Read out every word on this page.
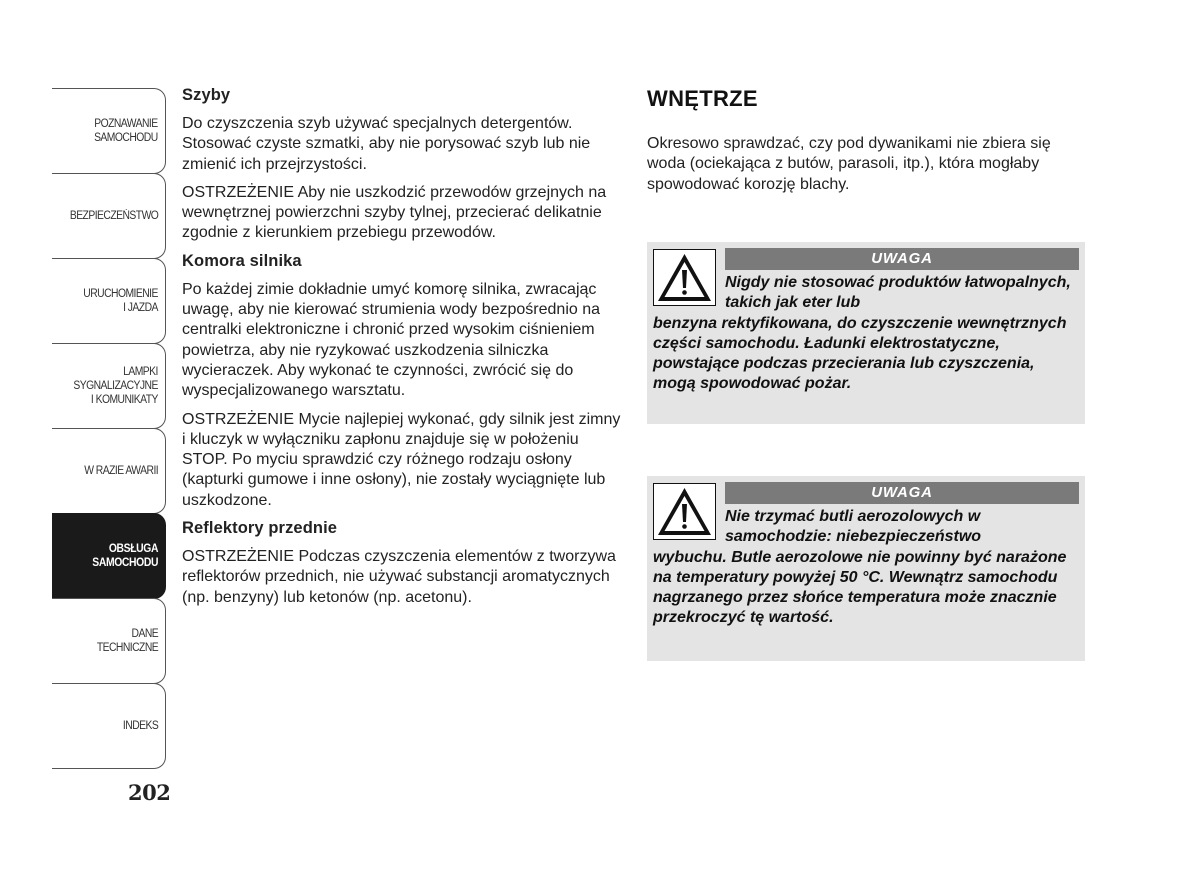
POZNAWANIE
SAMOCHODU
BEZPIECZEŃSTWO
URUCHOMIENIE
I JAZDA
LAMPKI
SYGNALIZACYJNE
I KOMUNIKATY
W RAZIE AWARII
OBSŁUGA
SAMOCHODU
DANE
TECHNICZNE
INDEKS
202
Szyby

Do czyszczenia szyb używać specjalnych detergentów. Stosować czyste szmatki, aby nie porysować szyb lub nie zmienić ich przejrzystości.

OSTRZEŻENIE Aby nie uszkodzić przewodów grzejnych na wewnętrznej powierzchni szyby tylnej, przecierać delikatnie zgodnie z kierunkiem przebiegu przewodów.

Komora silnika

Po każdej zimie dokładnie umyć komorę silnika, zwracając uwagę, aby nie kierować strumienia wody bezpośrednio na centralki elektroniczne i chronić przed wysokim ciśnieniem powietrza, aby nie ryzykować uszkodzenia silniczka wycieraczek. Aby wykonać te czynności, zwrócić się do wyspecjalizowanego warsztatu.

OSTRZEŻENIE Mycie najlepiej wykonać, gdy silnik jest zimny i kluczyk w wyłączniku zapłonu znajduje się w położeniu STOP. Po myciu sprawdzić czy różnego rodzaju osłony (kapturki gumowe i inne osłony), nie zostały wyciągnięte lub uszkodzone.

Reflektory przednie

OSTRZEŻENIE Podczas czyszczenia elementów z tworzywa reflektorów przednich, nie używać substancji aromatycznych (np. benzyny) lub ketonów (np. acetonu).

WNĘTRZE

Okresowo sprawdzać, czy pod dywanikami nie zbiera się woda (ociekająca z butów, parasoli, itp.), która mogłaby spowodować korozję blachy.

UWAGA

Nigdy nie stosować produktów łatwopalnych, takich jak eter lub

benzyna rektyfikowana, do czyszczenie wewnętrznych części samochodu. Ładunki elektrostatyczne, powstające podczas przecierania lub czyszczenia, mogą spowodować pożar.

UWAGA

Nie trzymać butli aerozolowych w samochodzie: niebezpieczeństwo

wybuchu. Butle aerozolowe nie powinny być narażone na temperatury powyżej 50 °C. Wewnątrz samochodu nagrzanego przez słońce temperatura może znacznie przekroczyć tę wartość.
